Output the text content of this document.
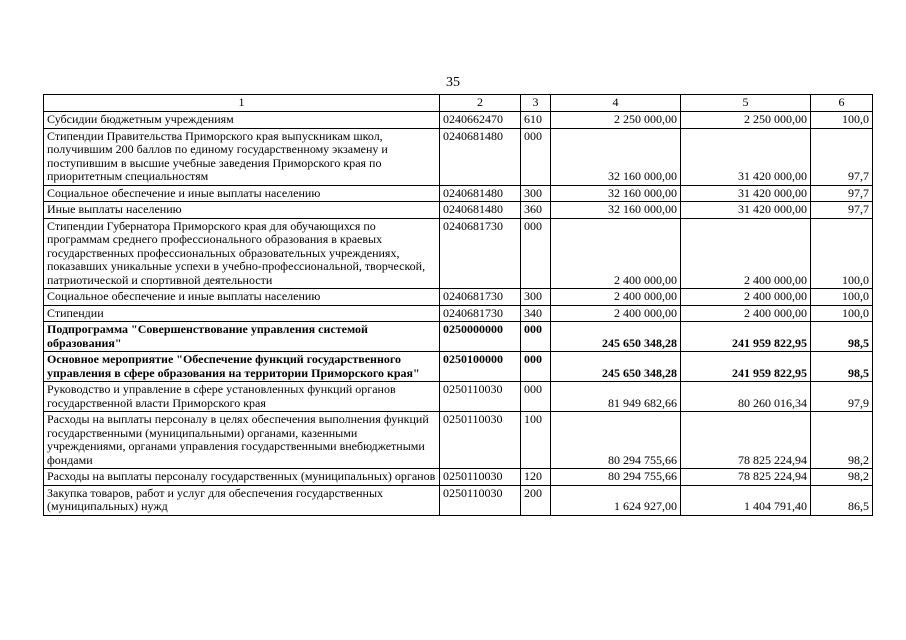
35
1	2	3	4	5	6
Субсидии бюджетным учреждениям	0240662470	610	2 250 000,00	2 250 000,00	100,0
Стипендии Правительства Приморского края выпускникам школ, получившим 200 баллов по единому государственному экзамену и поступившим в высшие учебные заведения Приморского края по приоритетным специальностям	0240681480	000	32 160 000,00	31 420 000,00	97,7
Социальное обеспечение и иные выплаты населению	0240681480	300	32 160 000,00	31 420 000,00	97,7
Иные выплаты населению	0240681480	360	32 160 000,00	31 420 000,00	97,7
Стипендии Губернатора Приморского края для обучающихся по программам среднего профессионального образования в краевых государственных профессиональных образовательных учреждениях, показавших уникальные успехи в учебно-профессиональной, творческой, патриотической и спортивной деятельности	0240681730	000	2 400 000,00	2 400 000,00	100,0
Социальное обеспечение и иные выплаты населению	0240681730	300	2 400 000,00	2 400 000,00	100,0
Стипендии	0240681730	340	2 400 000,00	2 400 000,00	100,0
Подпрограмма "Совершенствование управления системой образования"	0250000000	000	245 650 348,28	241 959 822,95	98,5
Основное мероприятие "Обеспечение функций государственного управления в сфере образования на территории Приморского края"	0250100000	000	245 650 348,28	241 959 822,95	98,5
Руководство и управление в сфере установленных функций органов государственной власти Приморского края	0250110030	000	81 949 682,66	80 260 016,34	97,9
Расходы на выплаты персоналу в целях обеспечения выполнения функций государственными (муниципальными) органами, казенными учреждениями, органами управления государственными внебюджетными фондами	0250110030	100	80 294 755,66	78 825 224,94	98,2
Расходы на выплаты персоналу государственных (муниципальных) органов	0250110030	120	80 294 755,66	78 825 224,94	98,2
Закупка товаров, работ и услуг для обеспечения государственных (муниципальных) нужд	0250110030	200	1 624 927,00	1 404 791,40	86,5
